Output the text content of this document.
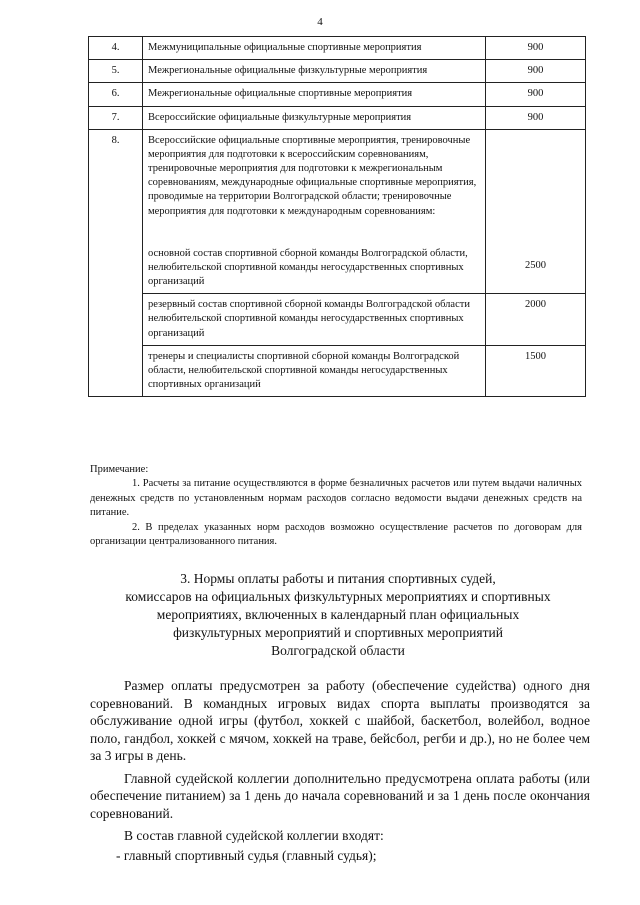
4
4.	Межмуниципальные официальные спортивные мероприятия	900
5.	Межрегиональные официальные физкультурные мероприятия	900
6.	Межрегиональные официальные спортивные мероприятия	900
7.	Всероссийские официальные физкультурные мероприятия	900
8.	Всероссийские официальные спортивные мероприятия, тренировочные мероприятия для подготовки к всероссийским соревнованиям, тренировочные мероприятия для подготовки к межрегиональным соревнованиям, международные официальные спортивные мероприятия, проводимые на территории Волгоградской области; тренировочные мероприятия для подготовки к международным соревнованиям:
основной состав спортивной сборной команды Волгоградской области, нелюбительской спортивной команды негосударственных спортивных организаций	2500
	резервный состав спортивной сборной команды Волгоградской области нелюбительской спортивной команды негосударственных спортивных организаций	2000
	тренеры и специалисты спортивной сборной команды Волгоградской области, нелюбительской спортивной команды негосударственных спортивных организаций	1500

Примечание:

1. Расчеты за питание осуществляются в форме безналичных расчетов или путем выдачи наличных денежных средств по установленным нормам расходов согласно ведомости выдачи денежных средств на питание.

2. В пределах указанных норм расходов возможно осуществление расчетов по договорам для организации централизованного питания.

3. Нормы оплаты работы и питания спортивных судей,
комиссаров на официальных физкультурных мероприятиях и спортивных
мероприятиях, включенных в календарный план официальных
физкультурных мероприятий и спортивных мероприятий
Волгоградской области

Размер оплаты предусмотрен за работу (обеспечение судейства) одного дня соревнований. В командных игровых видах спорта выплаты производятся за обслуживание одной игры (футбол, хоккей с шайбой, баскетбол, волейбол, водное поло, гандбол, хоккей с мячом, хоккей на траве, бейсбол, регби и др.), но не более чем за 3 игры в день.

Главной судейской коллегии дополнительно предусмотрена оплата работы (или обеспечение питанием) за 1 день до начала соревнований и за 1 день после окончания соревнований.

В состав главной судейской коллегии входят:

- главный спортивный судья (главный судья);
